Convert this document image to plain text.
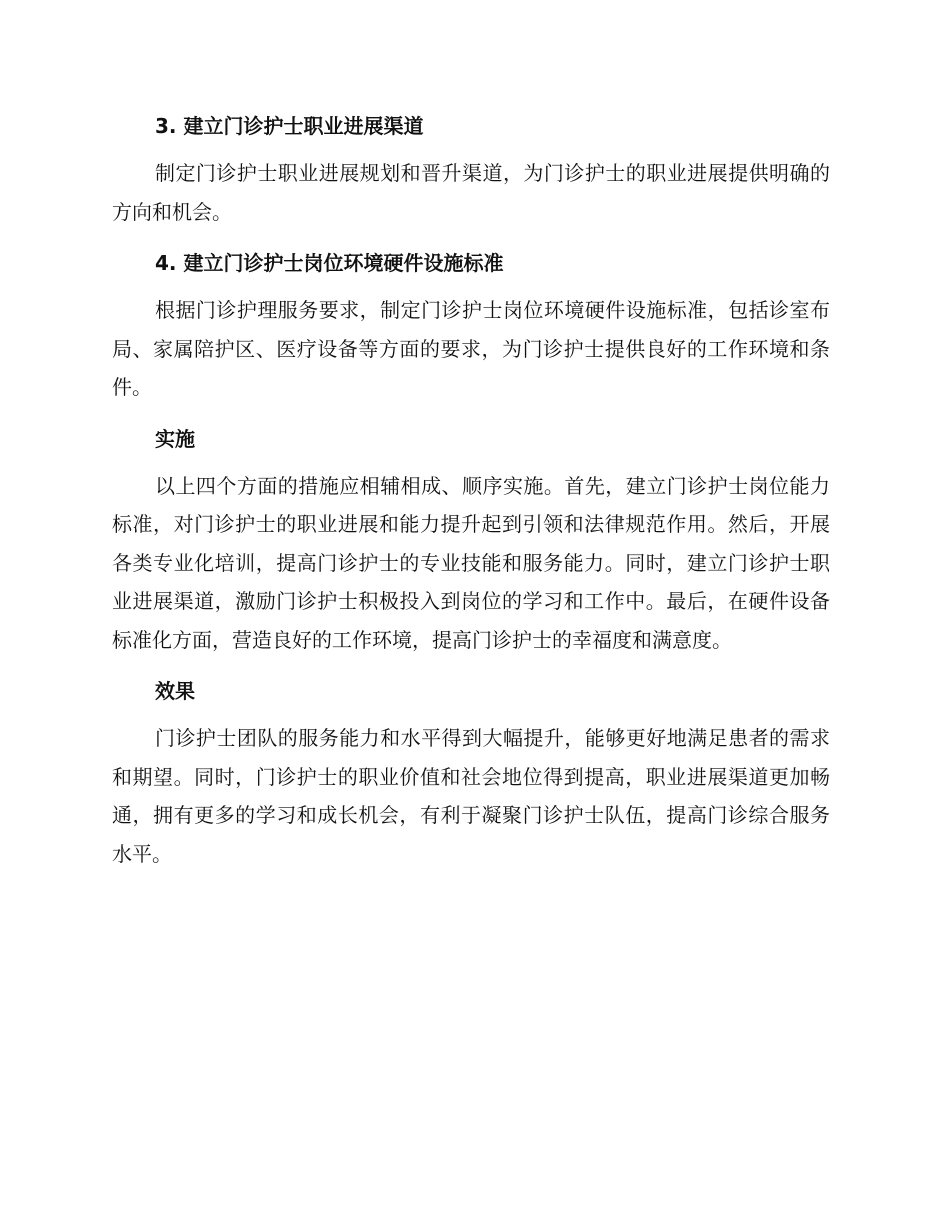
3. 建立门诊护士职业进展渠道

制定门诊护士职业进展规划和晋升渠道，为门诊护士的职业进展提供明确的方向和机会。

4. 建立门诊护士岗位环境硬件设施标准

根据门诊护理服务要求，制定门诊护士岗位环境硬件设施标准，包括诊室布局、家属陪护区、医疗设备等方面的要求，为门诊护士提供良好的工作环境和条件。

实施

以上四个方面的措施应相辅相成、顺序实施。首先，建立门诊护士岗位能力标准，对门诊护士的职业进展和能力提升起到引领和法律规范作用。然后，开展各类专业化培训，提高门诊护士的专业技能和服务能力。同时，建立门诊护士职业进展渠道，激励门诊护士积极投入到岗位的学习和工作中。最后，在硬件设备标准化方面，营造良好的工作环境，提高门诊护士的幸福度和满意度。

效果

门诊护士团队的服务能力和水平得到大幅提升，能够更好地满足患者的需求和期望。同时，门诊护士的职业价值和社会地位得到提高，职业进展渠道更加畅通，拥有更多的学习和成长机会，有利于凝聚门诊护士队伍，提高门诊综合服务水平。
